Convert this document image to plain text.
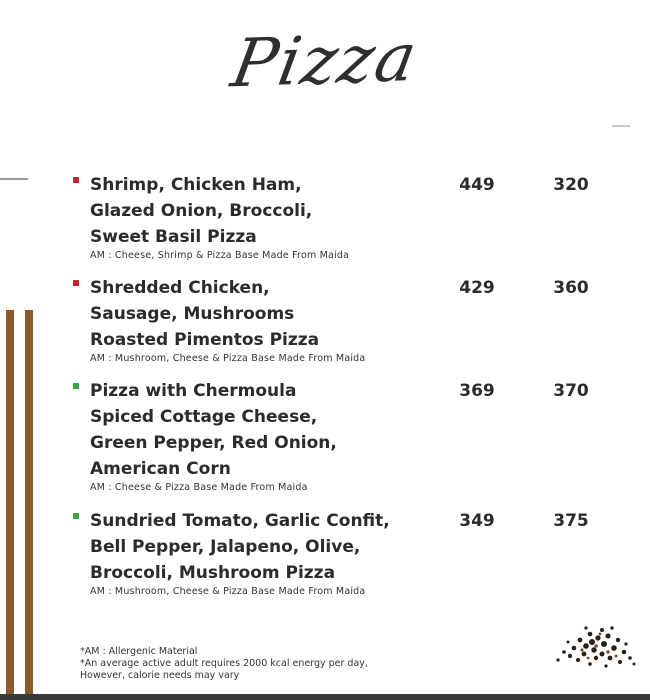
Pizza
Shrimp, Chicken Ham,
Glazed Onion, Broccoli,
Sweet Basil Pizza
AM : Cheese, Shrimp & Pizza Base Made From Maida
449	320
Shredded Chicken,
Sausage, Mushrooms
Roasted Pimentos Pizza
AM : Mushroom, Cheese & Pizza Base Made From Maida
429	360
Pizza with Chermoula
Spiced Cottage Cheese,
Green Pepper, Red Onion,
American Corn
AM : Cheese & Pizza Base Made From Maida
369	370
Sundried Tomato, Garlic Confit,
Bell Pepper, Jalapeno, Olive,
Broccoli, Mushroom Pizza
AM : Mushroom, Cheese & Pizza Base Made From Maida
349	375
*AM : Allergenic Material
*An average active adult requires 2000 kcal energy per day,
However, calorie needs may vary
